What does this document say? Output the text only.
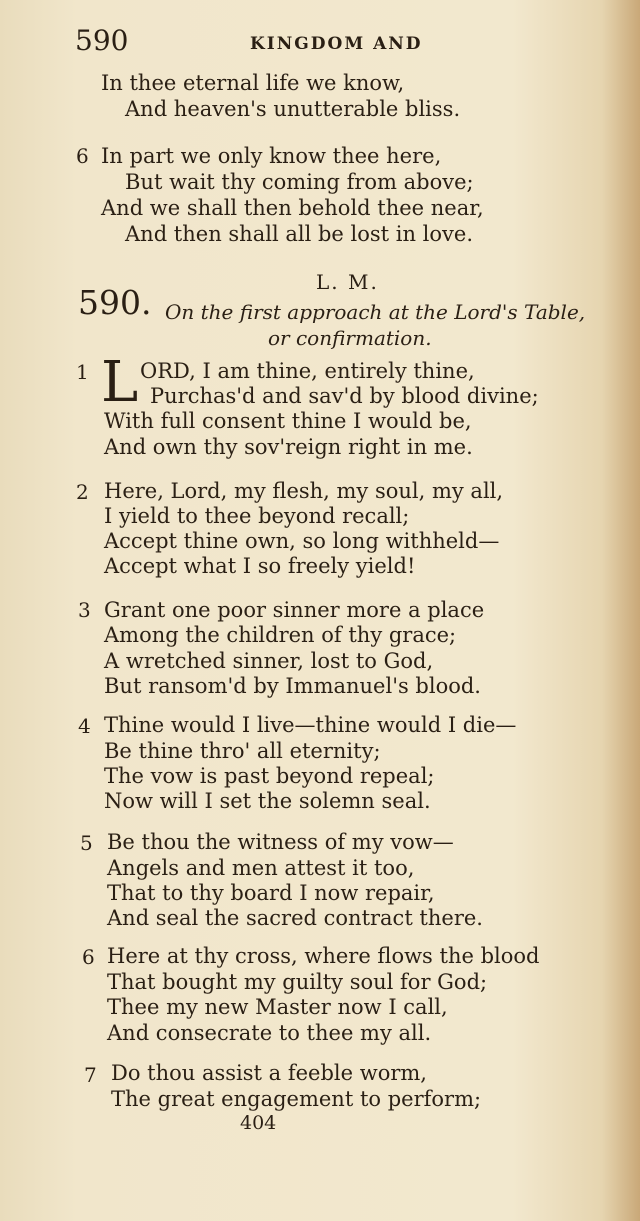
590	KINGDOM AND
In thee eternal life we know,
And heaven's unutterable bliss.
6 In part we only know thee here,
But wait thy coming from above;
And we shall then behold thee near,
And then shall all be lost in love.
L. M.
590. On the first approach at the Lord's Table,
or confirmation.
1 L ORD, I am thine, entirely thine,
Purchas'd and sav'd by blood divine;
With full consent thine I would be,
And own thy sov'reign right in me.
2 Here, Lord, my flesh, my soul, my all,
I yield to thee beyond recall;
Accept thine own, so long withheld—
Accept what I so freely yield!
3 Grant one poor sinner more a place
Among the children of thy grace;
A wretched sinner, lost to God,
But ransom'd by Immanuel's blood.
4 Thine would I live—thine would I die—
Be thine thro' all eternity;
The vow is past beyond repeal;
Now will I set the solemn seal.
5 Be thou the witness of my vow—
Angels and men attest it too,
That to thy board I now repair,
And seal the sacred contract there.
6 Here at thy cross, where flows the blood
That bought my guilty soul for God;
Thee my new Master now I call,
And consecrate to thee my all.
7 Do thou assist a feeble worm,
The great engagement to perform;
404
